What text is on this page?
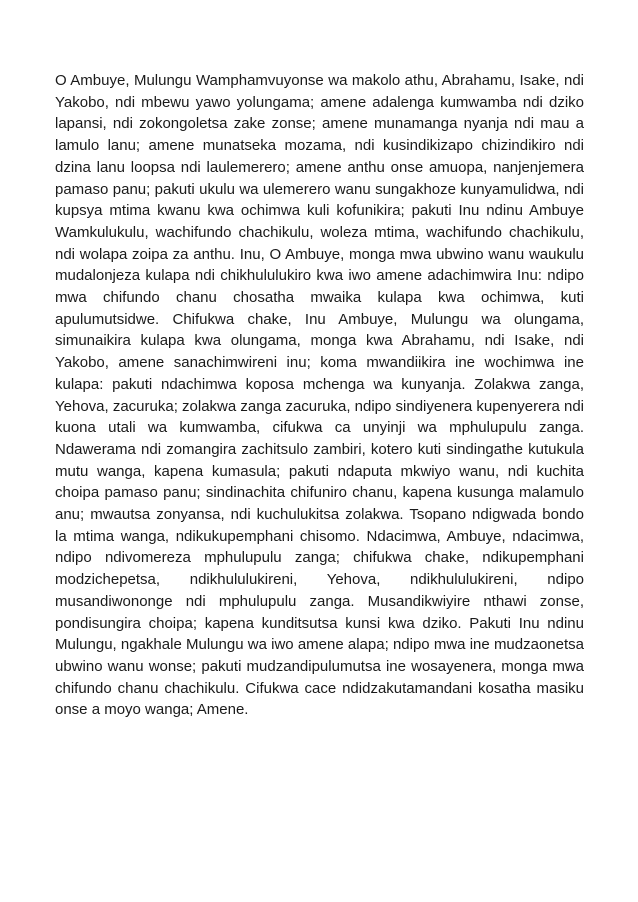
O Ambuye, Mulungu Wamphamvuyonse wa makolo athu, Abrahamu, Isake, ndi Yakobo, ndi mbewu yawo yolungama; amene adalenga kumwamba ndi dziko lapansi, ndi zokongoletsa zake zonse; amene munamanga nyanja ndi mau a lamulo lanu; amene munatseka mozama, ndi kusindikizapo chizindikiro ndi dzina lanu loopsa ndi laulemerero; amene anthu onse amuopa, nanjenjemera pamaso panu; pakuti ukulu wa ulemerero wanu sungakhoze kunyamulidwa, ndi kupsya mtima kwanu kwa ochimwa kuli kofunikira; pakuti Inu ndinu Ambuye Wamkulukulu, wachifundo chachikulu, woleza mtima, wachifundo chachikulu, ndi wolapa zoipa za anthu. Inu, O Ambuye, monga mwa ubwino wanu waukulu mudalonjeza kulapa ndi chikhululukiro kwa iwo amene adachimwira Inu: ndipo mwa chifundo chanu chosatha mwaika kulapa kwa ochimwa, kuti apulumutsidwe. Chifukwa chake, Inu Ambuye, Mulungu wa olungama, simunaikira kulapa kwa olungama, monga kwa Abrahamu, ndi Isake, ndi Yakobo, amene sanachimwireni inu; koma mwandiikira ine wochimwa ine kulapa: pakuti ndachimwa koposa mchenga wa kunyanja. Zolakwa zanga, Yehova, zacuruka; zolakwa zanga zacuruka, ndipo sindiyenera kupenyerera ndi kuona utali wa kumwamba, cifukwa ca unyinji wa mphulupulu zanga. Ndawerama ndi zomangira zachitsulo zambiri, kotero kuti sindingathe kutukula mutu wanga, kapena kumasula; pakuti ndaputa mkwiyo wanu, ndi kuchita choipa pamaso panu; sindinachita chifuniro chanu, kapena kusunga malamulo anu; mwautsa zonyansa, ndi kuchulukitsa zolakwa. Tsopano ndigwada bondo la mtima wanga, ndikukupemphani chisomo. Ndacimwa, Ambuye, ndacimwa, ndipo ndivomereza mphulupulu zanga; chifukwa chake, ndikupemphani modzichepetsa, ndikhululukireni, Yehova, ndikhululukireni, ndipo musandiwononge ndi mphulupulu zanga. Musandikwiyire nthawi zonse, pondisungira choipa; kapena kunditsutsa kunsi kwa dziko. Pakuti Inu ndinu Mulungu, ngakhale Mulungu wa iwo amene alapa; ndipo mwa ine mudzaonetsa ubwino wanu wonse; pakuti mudzandipulumutsa ine wosayenera, monga mwa chifundo chanu chachikulu. Cifukwa cace ndidzakutamandani kosatha masiku onse a moyo wanga; Amene.
